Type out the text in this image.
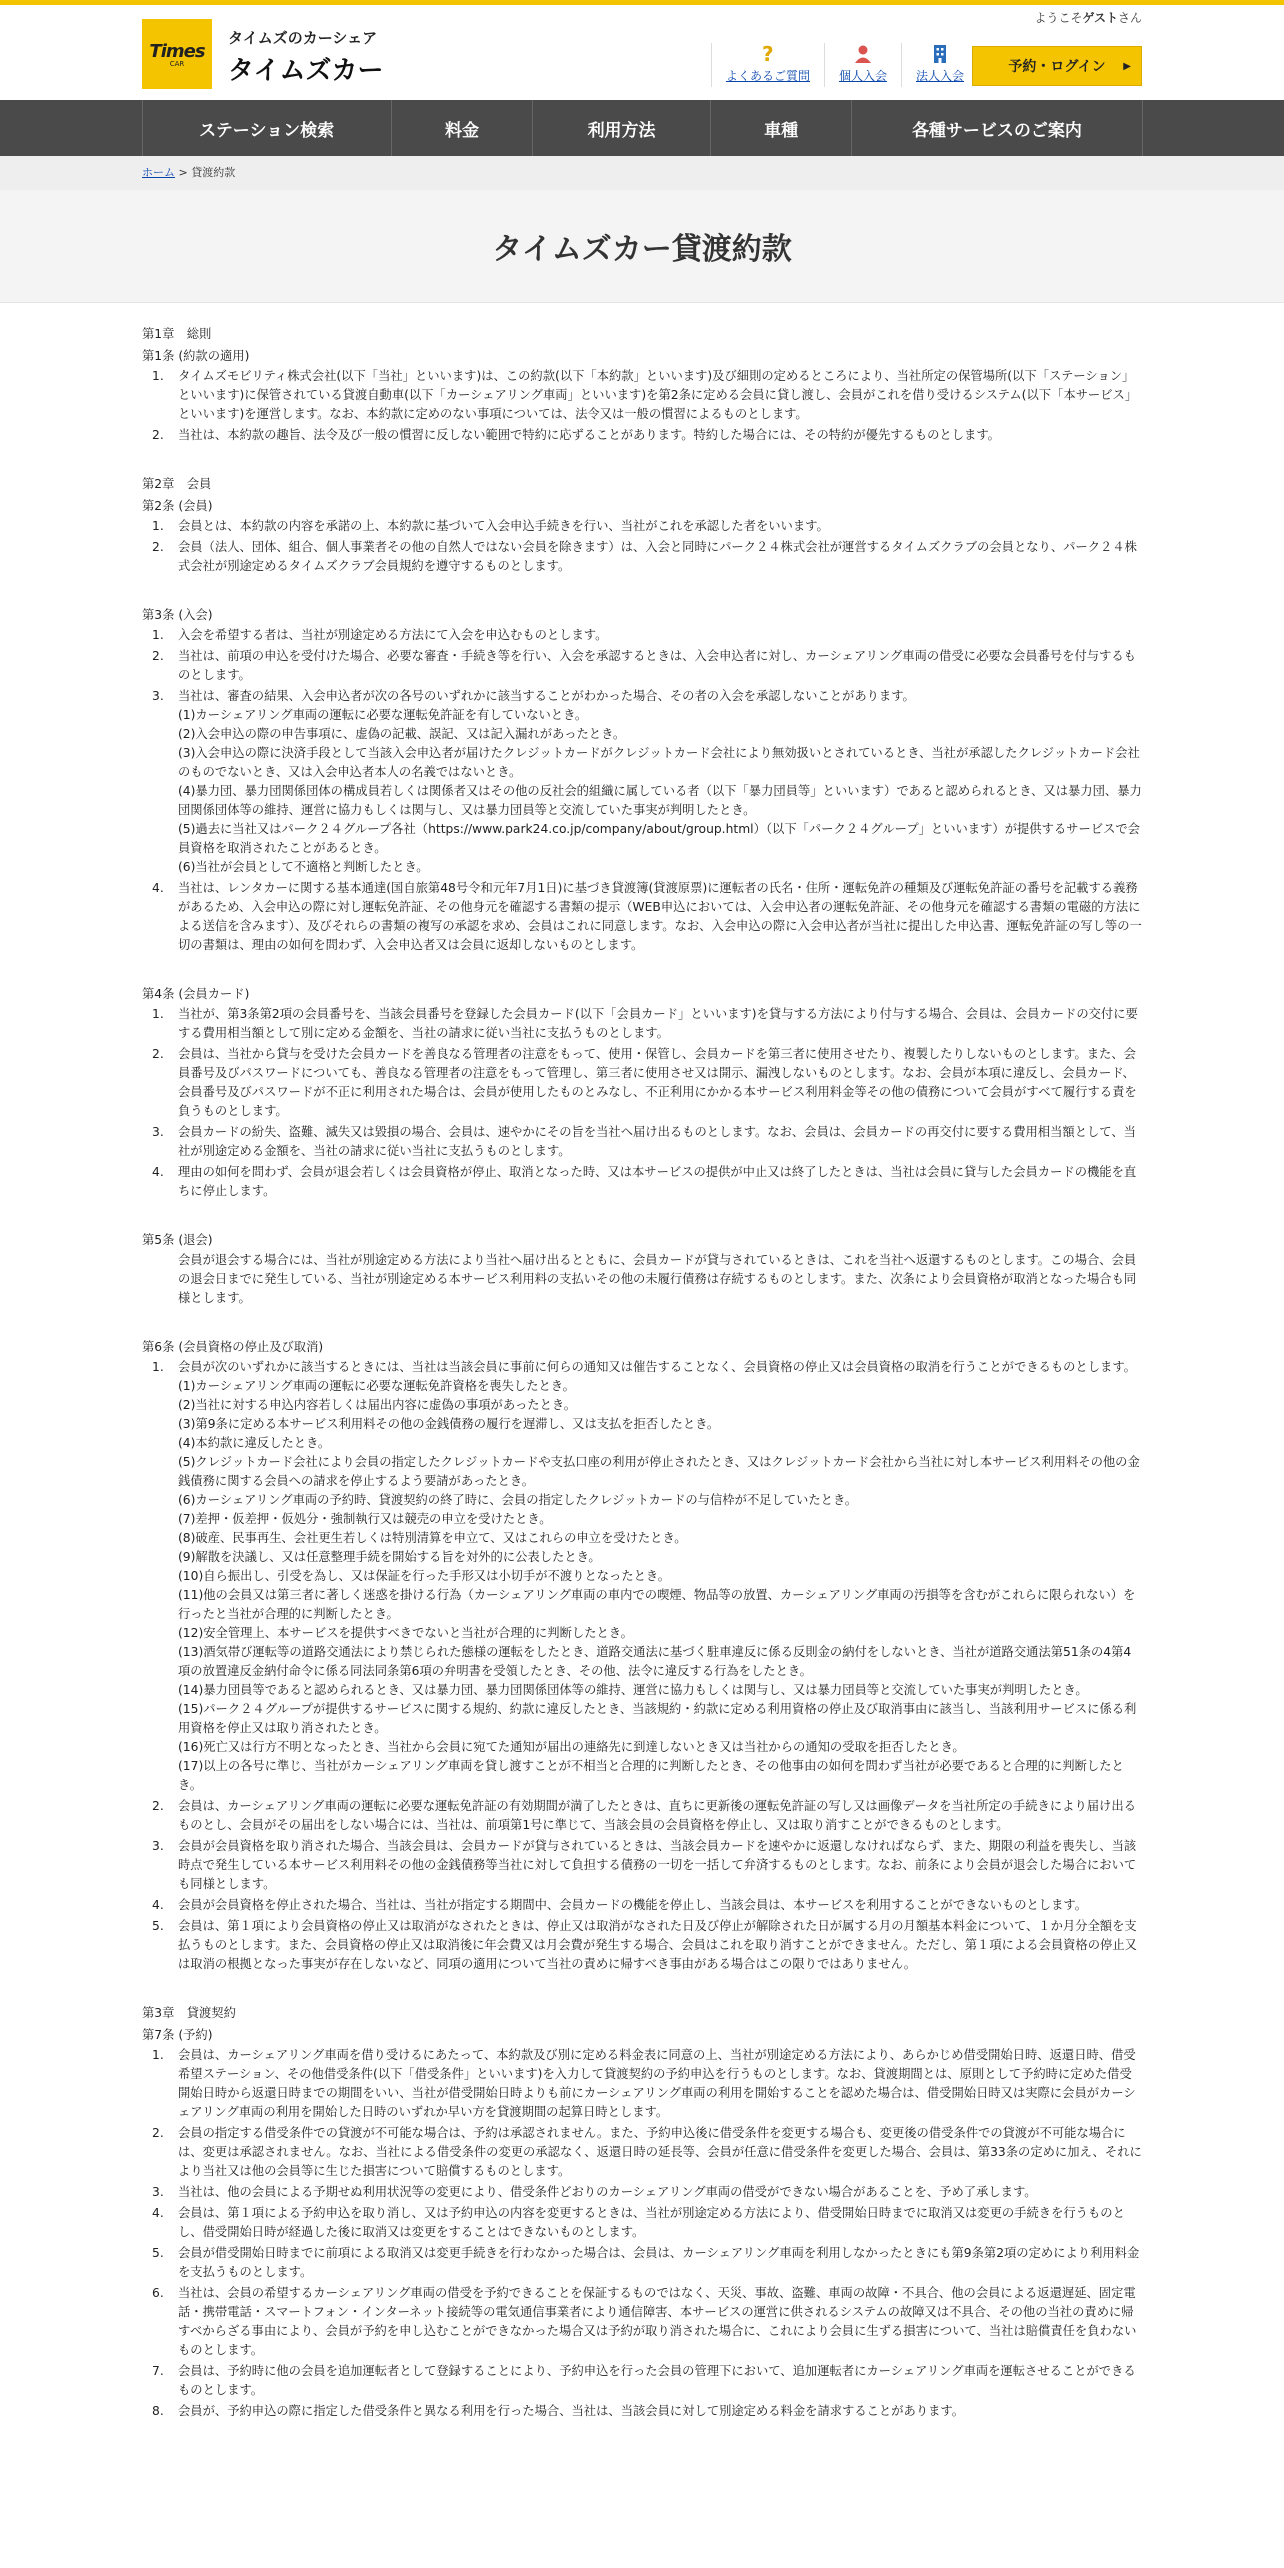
Times
CAR
タイムズのカーシェア
タイムズカー
ようこそゲストさん
?
よくあるご質問 個人入会 法人入会
予約・ログイン ▶
ステーション検索	料金	利用方法	車種	各種サービスのご案内
ホーム > 貸渡約款
タイムズカー貸渡約款
第1章　総則
第1条 (約款の適用)
1. タイムズモビリティ株式会社(以下「当社」といいます)は、この約款(以下「本約款」といいます)及び細則の定めるところにより、当社所定の保管場所(以下「ステーション」といいます)に保管されている貸渡自動車(以下「カーシェアリング車両」といいます)を第2条に定める会員に貸し渡し、会員がこれを借り受けるシステム(以下「本サービス」といいます)を運営します。なお、本約款に定めのない事項については、法令又は一般の慣習によるものとします。
2. 当社は、本約款の趣旨、法令及び一般の慣習に反しない範囲で特約に応ずることがあります。特約した場合には、その特約が優先するものとします。
第2章　会員
第2条 (会員)
1. 会員とは、本約款の内容を承諾の上、本約款に基づいて入会申込手続きを行い、当社がこれを承認した者をいいます。
2. 会員（法人、団体、組合、個人事業者その他の自然人ではない会員を除きます）は、入会と同時にパーク２４株式会社が運営するタイムズクラブの会員となり、パーク２４株式会社が別途定めるタイムズクラブ会員規約を遵守するものとします。
第3条 (入会)
1. 入会を希望する者は、当社が別途定める方法にて入会を申込むものとします。
2. 当社は、前項の申込を受付けた場合、必要な審査・手続き等を行い、入会を承認するときは、入会申込者に対し、カーシェアリング車両の借受に必要な会員番号を付与するものとします。
3. 当社は、審査の結果、入会申込者が次の各号のいずれかに該当することがわかった場合、その者の入会を承認しないことがあります。
(1)カーシェアリング車両の運転に必要な運転免許証を有していないとき。
(2)入会申込の際の申告事項に、虚偽の記載、誤記、又は記入漏れがあったとき。
(3)入会申込の際に決済手段として当該入会申込者が届けたクレジットカードがクレジットカード会社により無効扱いとされているとき、当社が承認したクレジットカード会社のものでないとき、又は入会申込者本人の名義ではないとき。
(4)暴力団、暴力団関係団体の構成員若しくは関係者又はその他の反社会的組織に属している者（以下「暴力団員等」といいます）であると認められるとき、又は暴力団、暴力団関係団体等の維持、運営に協力もしくは関与し、又は暴力団員等と交流していた事実が判明したとき。
(5)過去に当社又はパーク２４グループ各社（https://www.park24.co.jp/company/about/group.html）（以下「パーク２４グループ」といいます）が提供するサービスで会員資格を取消されたことがあるとき。
(6)当社が会員として不適格と判断したとき。
4. 当社は、レンタカーに関する基本通達(国自旅第48号令和元年7月1日)に基づき貸渡簿(貸渡原票)に運転者の氏名・住所・運転免許の種類及び運転免許証の番号を記載する義務があるため、入会申込の際に対し運転免許証、その他身元を確認する書類の提示（WEB申込においては、入会申込者の運転免許証、その他身元を確認する書類の電磁的方法による送信を含みます）、及びそれらの書類の複写の承認を求め、会員はこれに同意します。なお、入会申込の際に入会申込者が当社に提出した申込書、運転免許証の写し等の一切の書類は、理由の如何を問わず、入会申込者又は会員に返却しないものとします。
第4条 (会員カード)
1. 当社が、第3条第2項の会員番号を、当該会員番号を登録した会員カード(以下「会員カード」といいます)を貸与する方法により付与する場合、会員は、会員カードの交付に要する費用相当額として別に定める金額を、当社の請求に従い当社に支払うものとします。
2. 会員は、当社から貸与を受けた会員カードを善良なる管理者の注意をもって、使用・保管し、会員カードを第三者に使用させたり、複製したりしないものとします。また、会員番号及びパスワードについても、善良なる管理者の注意をもって管理し、第三者に使用させ又は開示、漏洩しないものとします。なお、会員が本項に違反し、会員カード、会員番号及びパスワードが不正に利用された場合は、会員が使用したものとみなし、不正利用にかかる本サービス利用料金等その他の債務について会員がすべて履行する責を負うものとします。
3. 会員カードの紛失、盗難、滅失又は毀損の場合、会員は、速やかにその旨を当社へ届け出るものとします。なお、会員は、会員カードの再交付に要する費用相当額として、当社が別途定める金額を、当社の請求に従い当社に支払うものとします。
4. 理由の如何を問わず、会員が退会若しくは会員資格が停止、取消となった時、又は本サービスの提供が中止又は終了したときは、当社は会員に貸与した会員カードの機能を直ちに停止します。
第5条 (退会)
会員が退会する場合には、当社が別途定める方法により当社へ届け出るとともに、会員カードが貸与されているときは、これを当社へ返還するものとします。この場合、会員の退会日までに発生している、当社が別途定める本サービス利用料の支払いその他の未履行債務は存続するものとします。また、次条により会員資格が取消となった場合も同様とします。
第6条 (会員資格の停止及び取消)
1. 会員が次のいずれかに該当するときには、当社は当該会員に事前に何らの通知又は催告することなく、会員資格の停止又は会員資格の取消を行うことができるものとします。
(1)カーシェアリング車両の運転に必要な運転免許資格を喪失したとき。
(2)当社に対する申込内容若しくは届出内容に虚偽の事項があったとき。
(3)第9条に定める本サービス利用料その他の金銭債務の履行を遅滞し、又は支払を拒否したとき。
(4)本約款に違反したとき。
(5)クレジットカード会社により会員の指定したクレジットカードや支払口座の利用が停止されたとき、又はクレジットカード会社から当社に対し本サービス利用料その他の金銭債務に関する会員への請求を停止するよう要請があったとき。
(6)カーシェアリング車両の予約時、貸渡契約の終了時に、会員の指定したクレジットカードの与信枠が不足していたとき。
(7)差押・仮差押・仮処分・強制執行又は競売の申立を受けたとき。
(8)破産、民事再生、会社更生若しくは特別清算を申立て、又はこれらの申立を受けたとき。
(9)解散を決議し、又は任意整理手続を開始する旨を対外的に公表したとき。
(10)自ら振出し、引受を為し、又は保証を行った手形又は小切手が不渡りとなったとき。
(11)他の会員又は第三者に著しく迷惑を掛ける行為（カーシェアリング車両の車内での喫煙、物品等の放置、カーシェアリング車両の汚損等を含むがこれらに限られない）を行ったと当社が合理的に判断したとき。
(12)安全管理上、本サービスを提供すべきでないと当社が合理的に判断したとき。
(13)酒気帯び運転等の道路交通法により禁じられた態様の運転をしたとき、道路交通法に基づく駐車違反に係る反則金の納付をしないとき、当社が道路交通法第51条の4第4項の放置違反金納付命令に係る同法同条第6項の弁明書を受領したとき、その他、法令に違反する行為をしたとき。
(14)暴力団員等であると認められるとき、又は暴力団、暴力団関係団体等の維持、運営に協力もしくは関与し、又は暴力団員等と交流していた事実が判明したとき。
(15)パーク２４グループが提供するサービスに関する規約、約款に違反したとき、当該規約・約款に定める利用資格の停止及び取消事由に該当し、当該利用サービスに係る利用資格を停止又は取り消されたとき。
(16)死亡又は行方不明となったとき、当社から会員に宛てた通知が届出の連絡先に到達しないとき又は当社からの通知の受取を拒否したとき。
(17)以上の各号に準じ、当社がカーシェアリング車両を貸し渡すことが不相当と合理的に判断したとき、その他事由の如何を問わず当社が必要であると合理的に判断したとき。
2. 会員は、カーシェアリング車両の運転に必要な運転免許証の有効期間が満了したときは、直ちに更新後の運転免許証の写し又は画像データを当社所定の手続きにより届け出るものとし、会員がその届出をしない場合には、当社は、前項第1号に準じて、当該会員の会員資格を停止し、又は取り消すことができるものとします。
3. 会員が会員資格を取り消された場合、当該会員は、会員カードが貸与されているときは、当該会員カードを速やかに返還しなければならず、また、期限の利益を喪失し、当該時点で発生している本サービス利用料その他の金銭債務等当社に対して負担する債務の一切を一括して弁済するものとします。なお、前条により会員が退会した場合においても同様とします。
4. 会員が会員資格を停止された場合、当社は、当社が指定する期間中、会員カードの機能を停止し、当該会員は、本サービスを利用することができないものとします。
5. 会員は、第１項により会員資格の停止又は取消がなされたときは、停止又は取消がなされた日及び停止が解除された日が属する月の月額基本料金について、１か月分全額を支払うものとします。また、会員資格の停止又は取消後に年会費又は月会費が発生する場合、会員はこれを取り消すことができません。ただし、第１項による会員資格の停止又は取消の根拠となった事実が存在しないなど、同項の適用について当社の責めに帰すべき事由がある場合はこの限りではありません。
第3章　貸渡契約
第7条 (予約)
1. 会員は、カーシェアリング車両を借り受けるにあたって、本約款及び別に定める料金表に同意の上、当社が別途定める方法により、あらかじめ借受開始日時、返還日時、借受希望ステーション、その他借受条件(以下「借受条件」といいます)を入力して貸渡契約の予約申込を行うものとします。なお、貸渡期間とは、原則として予約時に定めた借受開始日時から返還日時までの期間をいい、当社が借受開始日時よりも前にカーシェアリング車両の利用を開始することを認めた場合は、借受開始日時又は実際に会員がカーシェアリング車両の利用を開始した日時のいずれか早い方を貸渡期間の起算日時とします。
2. 会員の指定する借受条件での貸渡が不可能な場合は、予約は承認されません。また、予約申込後に借受条件を変更する場合も、変更後の借受条件での貸渡が不可能な場合には、変更は承認されません。なお、当社による借受条件の変更の承認なく、返還日時の延長等、会員が任意に借受条件を変更した場合、会員は、第33条の定めに加え、それにより当社又は他の会員等に生じた損害について賠償するものとします。
3. 当社は、他の会員による予期せぬ利用状況等の変更により、借受条件どおりのカーシェアリング車両の借受ができない場合があることを、予め了承します。
4. 会員は、第１項による予約申込を取り消し、又は予約申込の内容を変更するときは、当社が別途定める方法により、借受開始日時までに取消又は変更の手続きを行うものとし、借受開始日時が経過した後に取消又は変更をすることはできないものとします。
5. 会員が借受開始日時までに前項による取消又は変更手続きを行わなかった場合は、会員は、カーシェアリング車両を利用しなかったときにも第9条第2項の定めにより利用料金を支払うものとします。
6. 当社は、会員の希望するカーシェアリング車両の借受を予約できることを保証するものではなく、天災、事故、盗難、車両の故障・不具合、他の会員による返還遅延、固定電話・携帯電話・スマートフォン・インターネット接続等の電気通信事業者により通信障害、本サービスの運営に供されるシステムの故障又は不具合、その他の当社の責めに帰すべからざる事由により、会員が予約を申し込むことができなかった場合又は予約が取り消された場合に、これにより会員に生ずる損害について、当社は賠償責任を負わないものとします。
7. 会員は、予約時に他の会員を追加運転者として登録することにより、予約申込を行った会員の管理下において、追加運転者にカーシェアリング車両を運転させることができるものとします。
8. 会員が、予約申込の際に指定した借受条件と異なる利用を行った場合、当社は、当該会員に対して別途定める料金を請求することがあります。
